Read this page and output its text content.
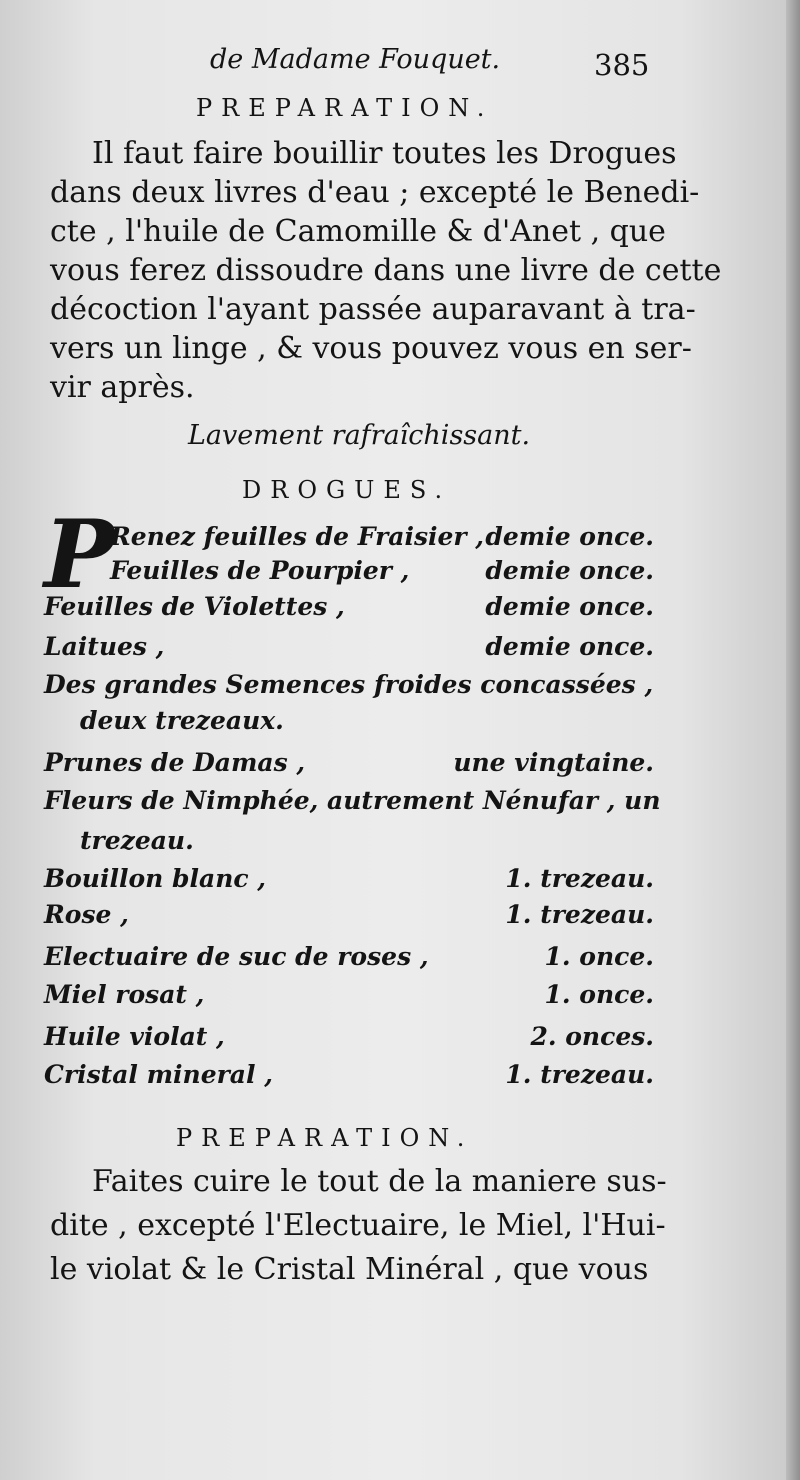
de Madame Fouquet.	385
PREPARATION.
Il faut faire bouillir toutes les Drogues
dans deux livres d'eau ; excepté le Benedi-
cte , l'huile de Camomille & d'Anet , que
vous ferez dissoudre dans une livre de cette
décoction l'ayant passée auparavant à tra-
vers un linge , & vous pouvez vous en ser-
vir après.
Lavement rafraîchissant.
DROGUES.
P
Renez feuilles de Fraisier , demie once.
Feuilles de Pourpier ,	demie once.
Feuilles de Violettes ,	demie once.
Laitues ,	demie once.
Des grandes Semences froides concassées ,
deux trezeaux.
Prunes de Damas ,	une vingtaine.
Fleurs de Nimphée, autrement Nénufar , un
trezeau.
Bouillon blanc ,	1. trezeau.
Rose ,	1. trezeau.
Electuaire de suc de roses ,	1. once.
Miel rosat ,	1. once.
Huile violat ,	2. onces.
Cristal mineral ,	1. trezeau.
PREPARATION.
Faites cuire le tout de la maniere sus-
dite , excepté l'Electuaire, le Miel, l'Hui-
le violat & le Cristal Minéral , que vous
